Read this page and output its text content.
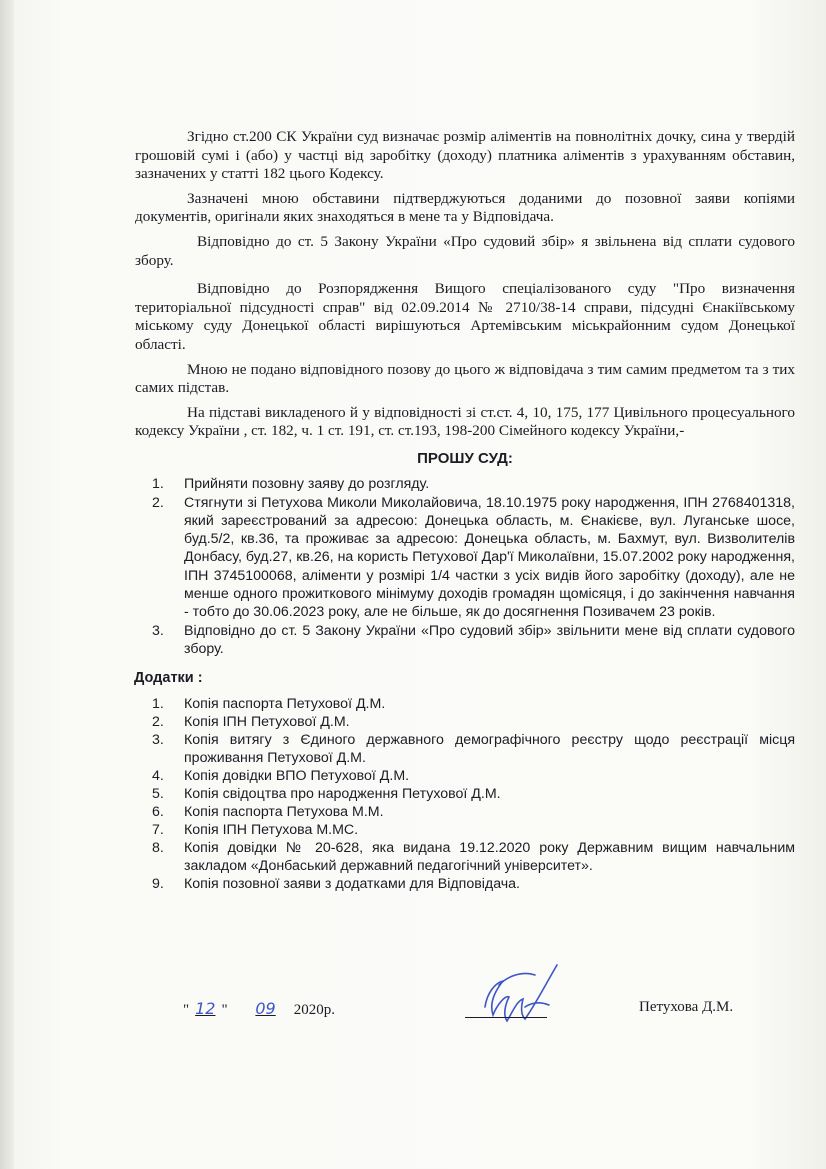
Згідно ст.200 СК України суд визначає розмір аліментів на повнолітніх дочку, сина у твердій грошовій сумі і (або) у частці від заробітку (доходу) платника аліментів з урахуванням обставин, зазначених у статті 182 цього Кодексу.

Зазначені мною обставини підтверджуються доданими до позовної заяви копіями документів, оригінали яких знаходяться в мене та у Відповідача.

Відповідно до ст. 5 Закону України «Про судовий збір» я звільнена від сплати судового збору.

Відповідно до Розпорядження Вищого спеціалізованого суду "Про визначення територіальної підсудності справ" від 02.09.2014 № 2710/38-14 справи, підсудні Єнакіївському міському суду Донецької області вирішуються Артемівським міськрайонним судом Донецької області.

Мною не подано відповідного позову до цього ж відповідача з тим самим предметом та з тих самих підстав.

На підставі викладеного й у відповідності зі ст.ст. 4, 10, 175, 177 Цивільного процесуального кодексу України , ст. 182, ч. 1 ст. 191, ст. ст.193, 198-200 Сімейного кодексу України,-

ПРОШУ СУД:
1. Прийняти позовну заяву до розгляду.
2. Стягнути зі Петухова Миколи Миколайовича, 18.10.1975 року народження, ІПН 2768401318, який зареєстрований за адресою: Донецька область, м. Єнакієве, вул. Луганське шосе, буд.5/2, кв.36, та проживає за адресою: Донецька область, м. Бахмут, вул. Визволителів Донбасу, буд.27, кв.26, на користь Петухової Дар'ї Миколаївни, 15.07.2002 року народження, ІПН 3745100068, аліменти у розмірі 1/4 частки з усіх видів його заробітку (доходу), але не менше одного прожиткового мінімуму доходів громадян щомісяця, і до закінчення навчання - тобто до 30.06.2023 року, але не більше, як до досягнення Позивачем 23 років.
3. Відповідно до ст. 5 Закону України «Про судовий збір» звільнити мене від сплати судового збору.
Додатки :
1. Копія паспорта Петухової Д.М.
2. Копія ІПН Петухової Д.М.
3. Копія витягу з Єдиного державного демографічного реєстру щодо реєстрації місця проживання Петухової Д.М.
4. Копія довідки ВПО Петухової Д.М.
5. Копія свідоцтва про народження Петухової Д.М.
6. Копія паспорта Петухова М.М.
7. Копія ІПН Петухова М.МС.
8. Копія довідки № 20-628, яка видана 19.12.2020 року Державним вищим навчальним закладом «Донбаський державний педагогічний університет».
9. Копія позовної заяви з додатками для Відповідача.
" 12 " 09 2020р.	Петухова Д.М.
